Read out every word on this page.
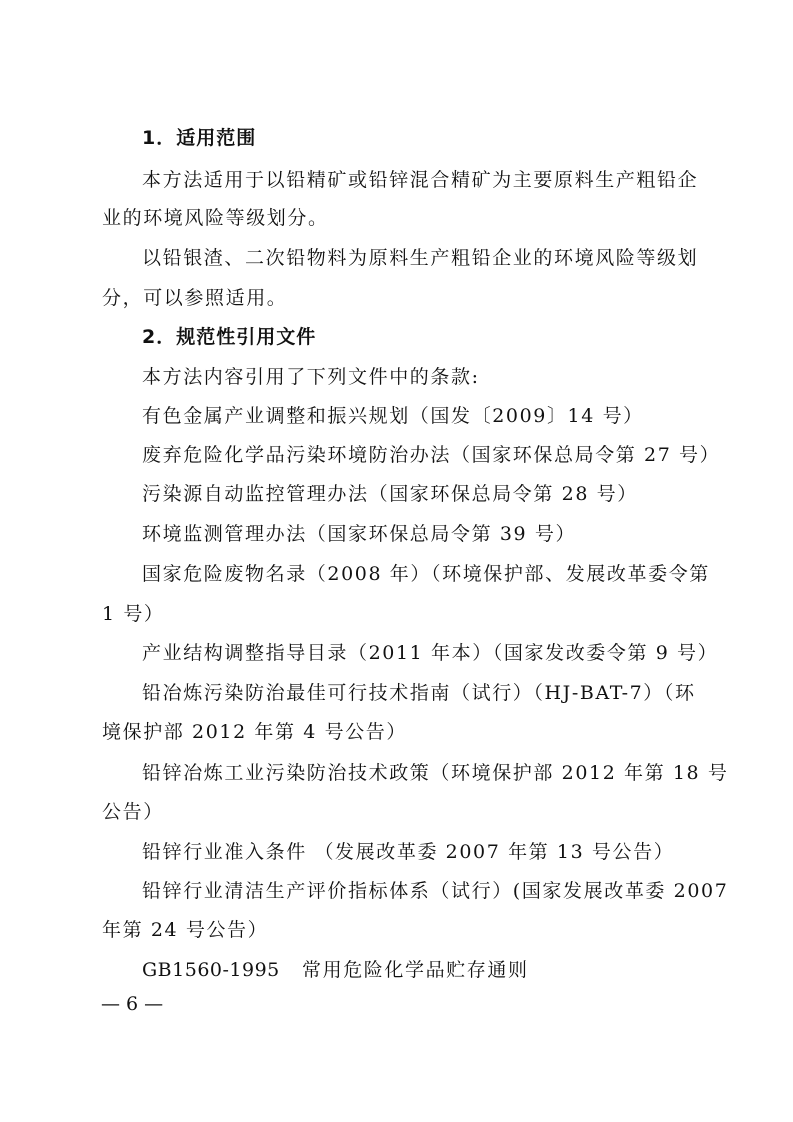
1．适用范围
本方法适用于以铅精矿或铅锌混合精矿为主要原料生产粗铅企
业的环境风险等级划分。
以铅银渣、二次铅物料为原料生产粗铅企业的环境风险等级划
分，可以参照适用。
2．规范性引用文件
本方法内容引用了下列文件中的条款:
有色金属产业调整和振兴规划（国发〔2009〕14 号）
废弃危险化学品污染环境防治办法（国家环保总局令第 27 号）
污染源自动监控管理办法（国家环保总局令第 28 号）
环境监测管理办法（国家环保总局令第 39 号）
国家危险废物名录（2008 年）（环境保护部、发展改革委令第
1 号）
产业结构调整指导目录（2011 年本）（国家发改委令第 9 号）
铅冶炼污染防治最佳可行技术指南（试行）（HJ-BAT-7）（环
境保护部 2012 年第 4 号公告）
铅锌冶炼工业污染防治技术政策（环境保护部 2012 年第 18 号
公告）
铅锌行业准入条件 （发展改革委 2007 年第 13 号公告）
铅锌行业清洁生产评价指标体系（试行）(国家发展改革委 2007
年第 24 号公告）
GB1560-1995 常用危险化学品贮存通则
— 6 —
